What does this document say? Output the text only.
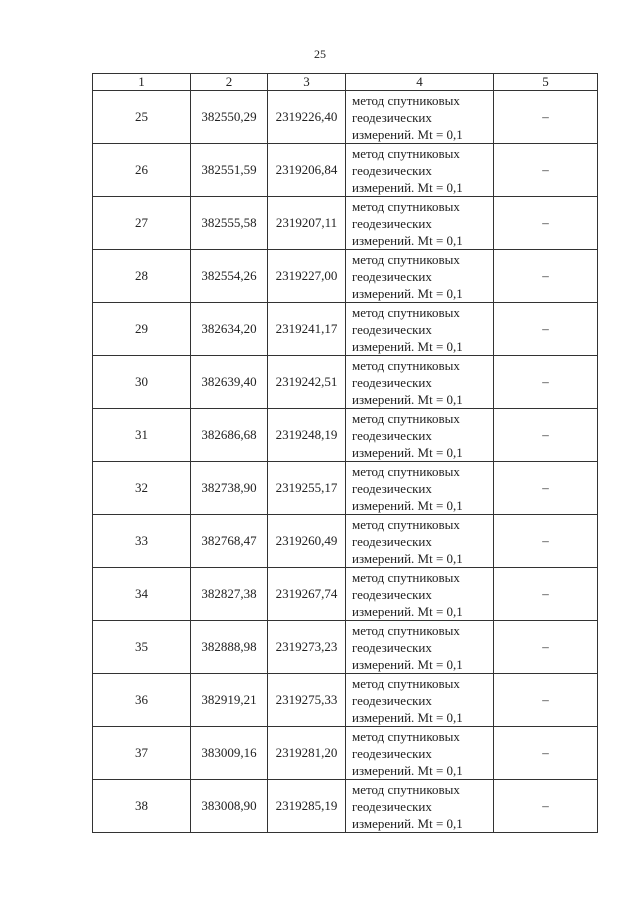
25
1	2	3	4	5
25	382550,29	2319226,40	метод спутниковых
геодезических
измерений. Mt = 0,1	–
26	382551,59	2319206,84	метод спутниковых
геодезических
измерений. Mt = 0,1	–
27	382555,58	2319207,11	метод спутниковых
геодезических
измерений. Mt = 0,1	–
28	382554,26	2319227,00	метод спутниковых
геодезических
измерений. Mt = 0,1	–
29	382634,20	2319241,17	метод спутниковых
геодезических
измерений. Mt = 0,1	–
30	382639,40	2319242,51	метод спутниковых
геодезических
измерений. Mt = 0,1	–
31	382686,68	2319248,19	метод спутниковых
геодезических
измерений. Mt = 0,1	–
32	382738,90	2319255,17	метод спутниковых
геодезических
измерений. Mt = 0,1	–
33	382768,47	2319260,49	метод спутниковых
геодезических
измерений. Mt = 0,1	–
34	382827,38	2319267,74	метод спутниковых
геодезических
измерений. Mt = 0,1	–
35	382888,98	2319273,23	метод спутниковых
геодезических
измерений. Mt = 0,1	–
36	382919,21	2319275,33	метод спутниковых
геодезических
измерений. Mt = 0,1	–
37	383009,16	2319281,20	метод спутниковых
геодезических
измерений. Mt = 0,1	–
38	383008,90	2319285,19	метод спутниковых
геодезических
измерений. Mt = 0,1	–
